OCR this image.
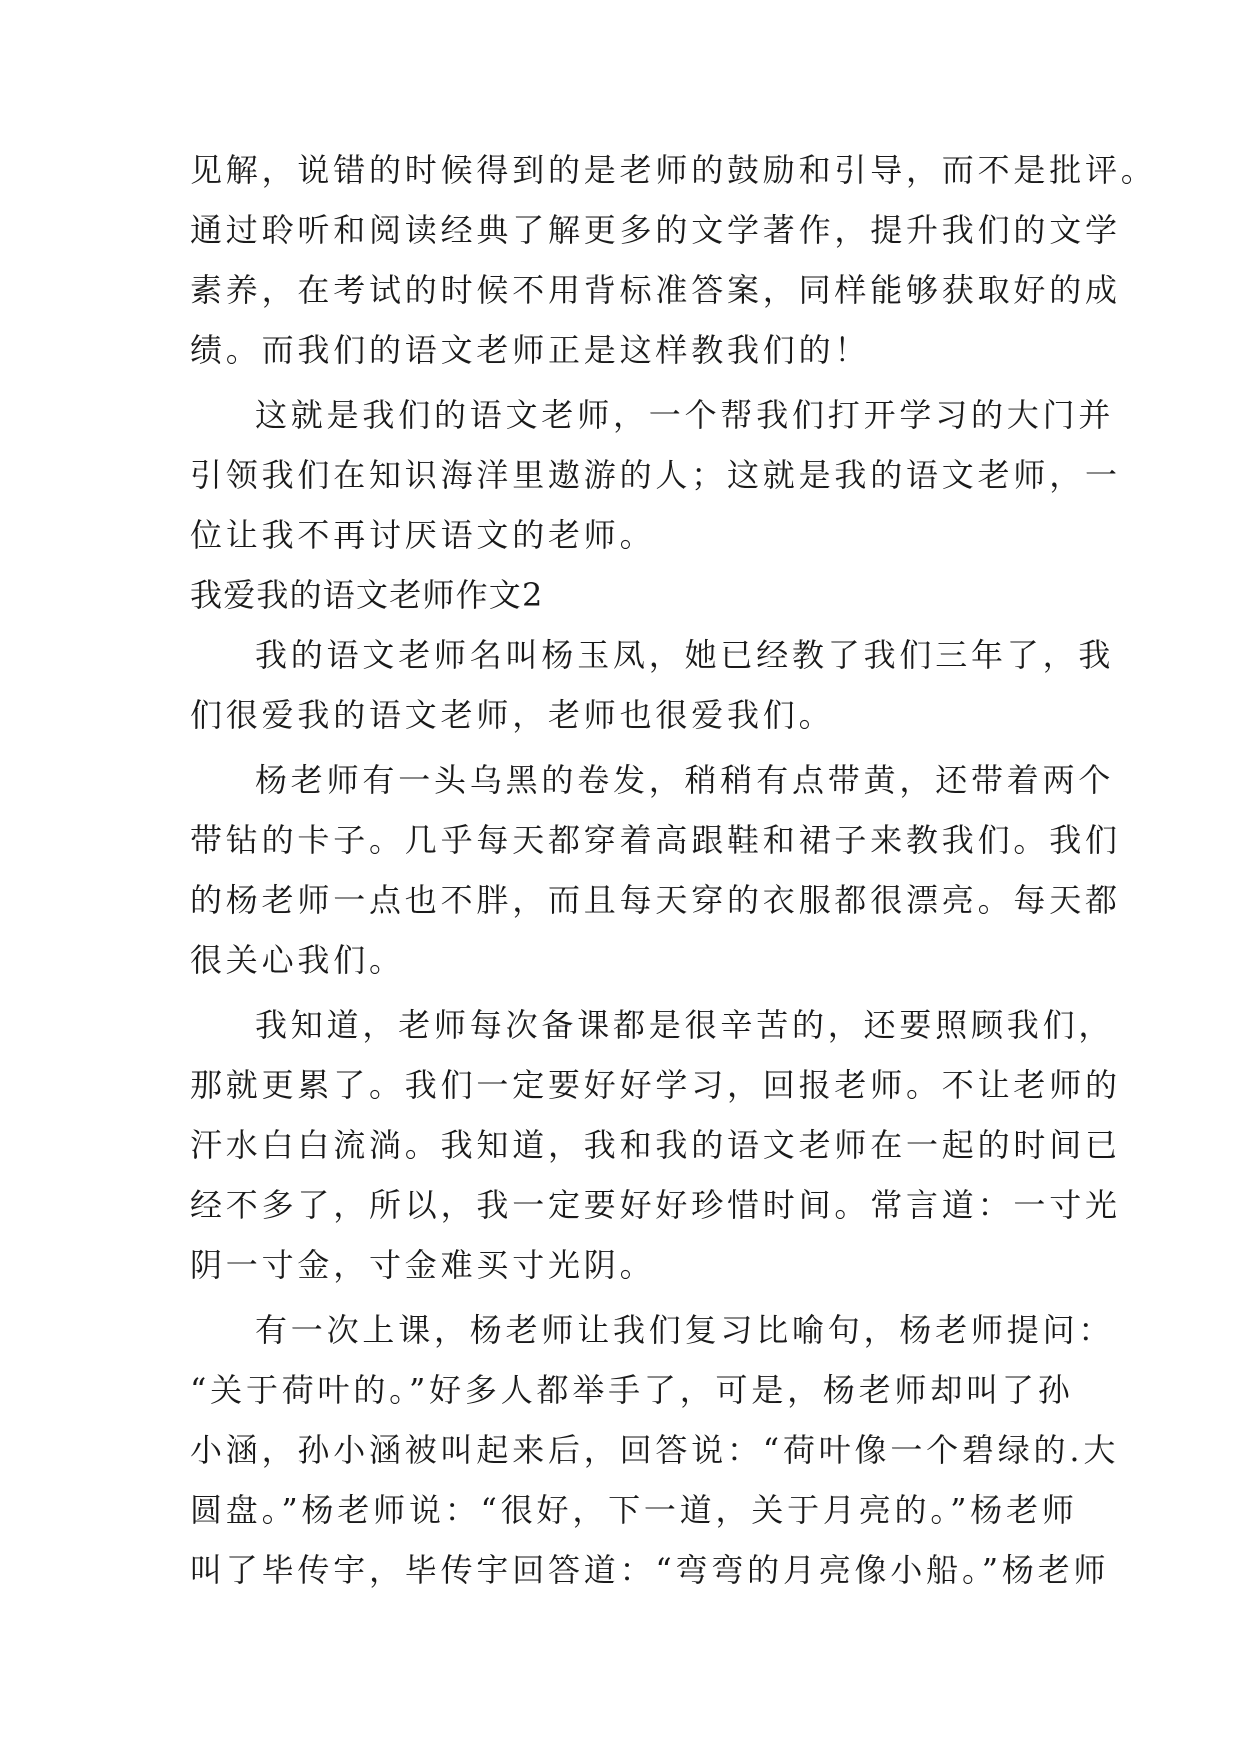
见解，说错的时候得到的是老师的鼓励和引导，而不是批评。
通过聆听和阅读经典了解更多的文学著作，提升我们的文学
素养，在考试的时候不用背标准答案，同样能够获取好的成
绩。而我们的语文老师正是这样教我们的！
这就是我们的语文老师，一个帮我们打开学习的大门并
引领我们在知识海洋里遨游的人；这就是我的语文老师，一
位让我不再讨厌语文的老师。
我爱我的语文老师作文2
我的语文老师名叫杨玉凤，她已经教了我们三年了，我
们很爱我的语文老师，老师也很爱我们。
杨老师有一头乌黑的卷发，稍稍有点带黄，还带着两个
带钻的卡子。几乎每天都穿着高跟鞋和裙子来教我们。我们
的杨老师一点也不胖，而且每天穿的衣服都很漂亮。每天都
很关心我们。
我知道，老师每次备课都是很辛苦的，还要照顾我们，
那就更累了。我们一定要好好学习，回报老师。不让老师的
汗水白白流淌。我知道，我和我的语文老师在一起的时间已
经不多了，所以，我一定要好好珍惜时间。常言道：一寸光
阴一寸金，寸金难买寸光阴。
有一次上课，杨老师让我们复习比喻句，杨老师提问：
“关于荷叶的。”好多人都举手了，可是，杨老师却叫了孙
小涵，孙小涵被叫起来后，回答说：“荷叶像一个碧绿的.大
圆盘。”杨老师说：“很好，下一道，关于月亮的。”杨老师
叫了毕传宇，毕传宇回答道：“弯弯的月亮像小船。”杨老师
